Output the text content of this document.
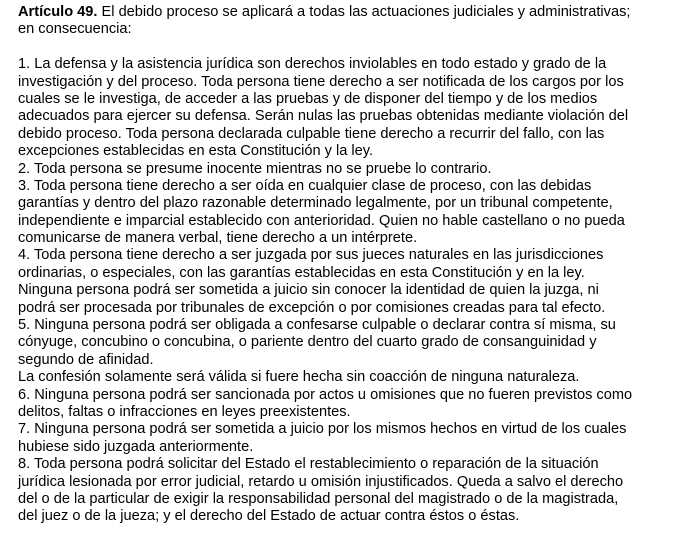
Artículo 49. El debido proceso se aplicará a todas las actuaciones judiciales y administrativas;
en consecuencia:
1. La defensa y la asistencia jurídica son derechos inviolables en todo estado y grado de la
investigación y del proceso. Toda persona tiene derecho a ser notificada de los cargos por los
cuales se le investiga, de acceder a las pruebas y de disponer del tiempo y de los medios
adecuados para ejercer su defensa. Serán nulas las pruebas obtenidas mediante violación del
debido proceso. Toda persona declarada culpable tiene derecho a recurrir del fallo, con las
excepciones establecidas en esta Constitución y la ley.
2. Toda persona se presume inocente mientras no se pruebe lo contrario.
3. Toda persona tiene derecho a ser oída en cualquier clase de proceso, con las debidas
garantías y dentro del plazo razonable determinado legalmente, por un tribunal competente,
independiente e imparcial establecido con anterioridad. Quien no hable castellano o no pueda
comunicarse de manera verbal, tiene derecho a un intérprete.
4. Toda persona tiene derecho a ser juzgada por sus jueces naturales en las jurisdicciones
ordinarias, o especiales, con las garantías establecidas en esta Constitución y en la ley.
Ninguna persona podrá ser sometida a juicio sin conocer la identidad de quien la juzga, ni
podrá ser procesada por tribunales de excepción o por comisiones creadas para tal efecto.
5. Ninguna persona podrá ser obligada a confesarse culpable o declarar contra sí misma, su
cónyuge, concubino o concubina, o pariente dentro del cuarto grado de consanguinidad y
segundo de afinidad.
La confesión solamente será válida si fuere hecha sin coacción de ninguna naturaleza.
6. Ninguna persona podrá ser sancionada por actos u omisiones que no fueren previstos como
delitos, faltas o infracciones en leyes preexistentes.
7. Ninguna persona podrá ser sometida a juicio por los mismos hechos en virtud de los cuales
hubiese sido juzgada anteriormente.
8. Toda persona podrá solicitar del Estado el restablecimiento o reparación de la situación
jurídica lesionada por error judicial, retardo u omisión injustificados. Queda a salvo el derecho
del o de la particular de exigir la responsabilidad personal del magistrado o de la magistrada,
del juez o de la jueza; y el derecho del Estado de actuar contra éstos o éstas.
